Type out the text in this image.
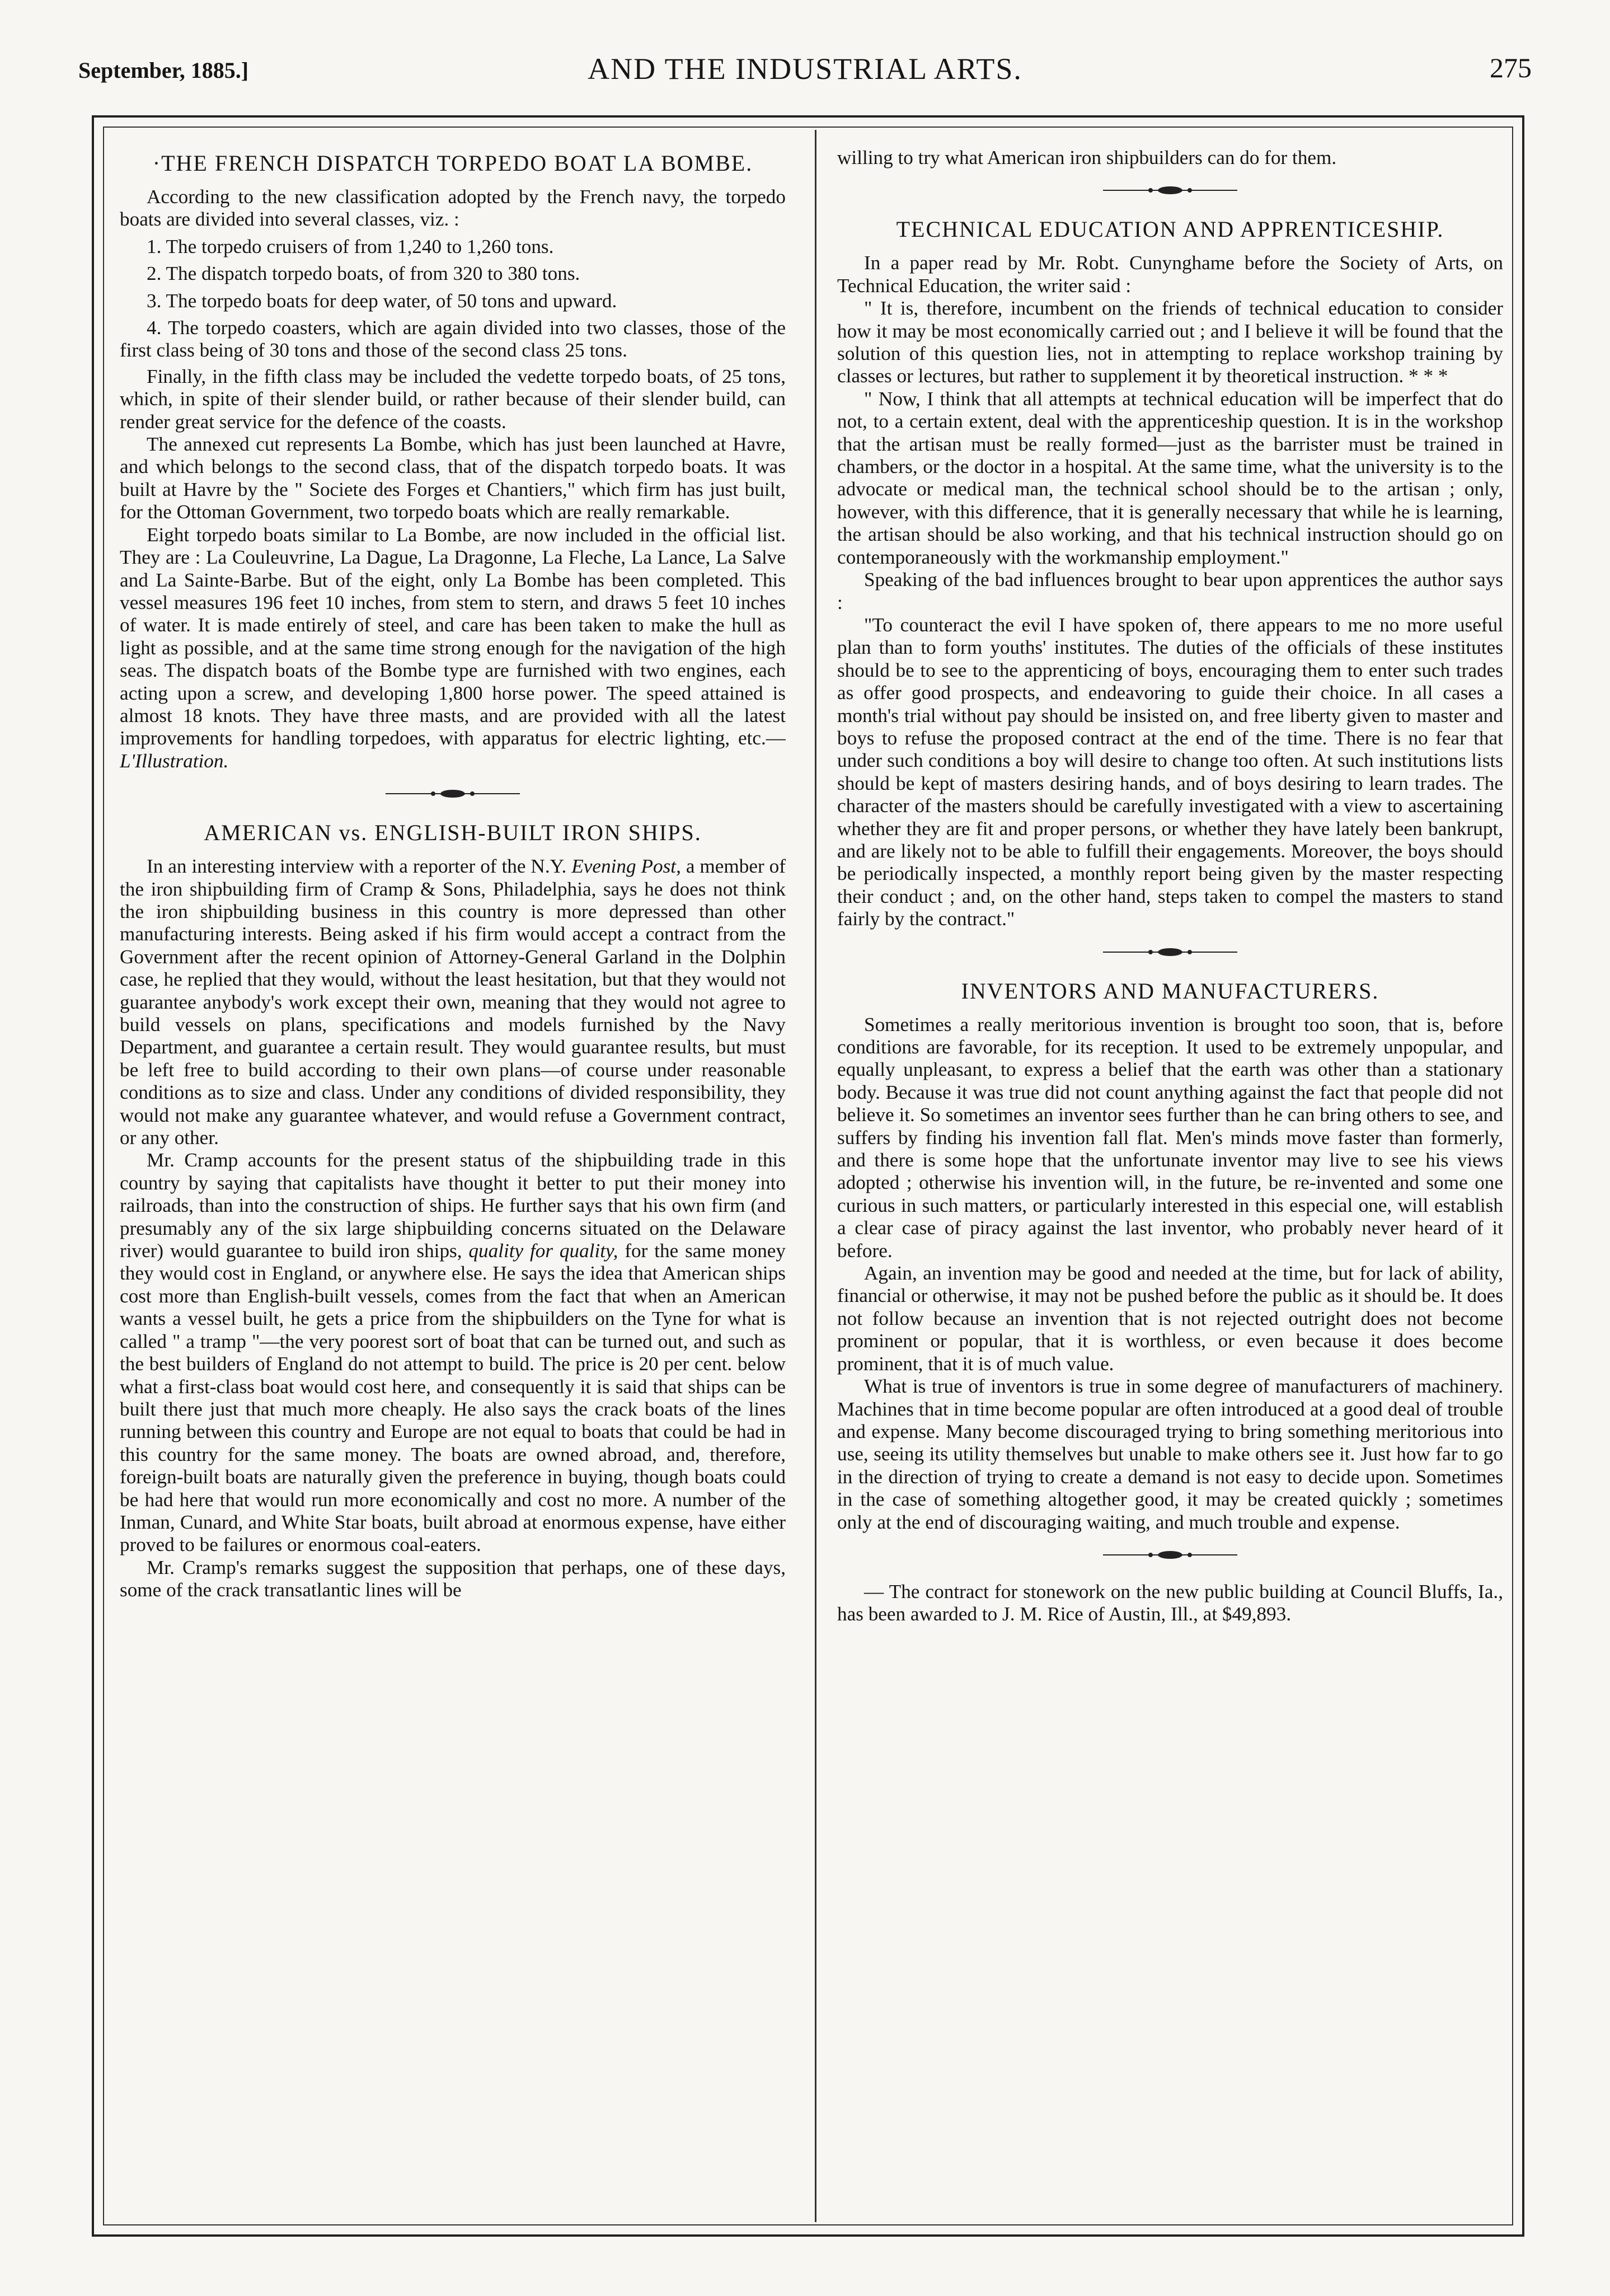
September, 1885.]	AND THE INDUSTRIAL ARTS.	275
·THE FRENCH DISPATCH TORPEDO BOAT LA BOMBE.

According to the new classification adopted by the French navy, the torpedo boats are divided into several classes, viz. :

1. The torpedo cruisers of from 1,240 to 1,260 tons.

2. The dispatch torpedo boats, of from 320 to 380 tons.

3. The torpedo boats for deep water, of 50 tons and upward.

4. The torpedo coasters, which are again divided into two classes, those of the first class being of 30 tons and those of the second class 25 tons.

Finally, in the fifth class may be included the vedette torpedo boats, of 25 tons, which, in spite of their slender build, or rather because of their slender build, can render great service for the defence of the coasts.

The annexed cut represents La Bombe, which has just been launched at Havre, and which belongs to the second class, that of the dispatch torpedo boats. It was built at Havre by the " Societe des Forges et Chantiers," which firm has just built, for the Ottoman Government, two torpedo boats which are really remarkable.

Eight torpedo boats similar to La Bombe, are now included in the official list. They are : La Couleuvrine, La Dague, La Dragonne, La Fleche, La Lance, La Salve and La Sainte-Barbe. But of the eight, only La Bombe has been completed. This vessel measures 196 feet 10 inches, from stem to stern, and draws 5 feet 10 inches of water. It is made entirely of steel, and care has been taken to make the hull as light as possible, and at the same time strong enough for the navigation of the high seas. The dispatch boats of the Bombe type are furnished with two engines, each acting upon a screw, and developing 1,800 horse power. The speed attained is almost 18 knots. They have three masts, and are provided with all the latest improvements for handling torpedoes, with apparatus for electric lighting, etc.—L'Illustration.

AMERICAN vs. ENGLISH-BUILT IRON SHIPS.

In an interesting interview with a reporter of the N.Y. Evening Post, a member of the iron shipbuilding firm of Cramp & Sons, Philadelphia, says he does not think the iron shipbuilding business in this country is more depressed than other manufacturing interests. Being asked if his firm would accept a contract from the Government after the recent opinion of Attorney-General Garland in the Dolphin case, he replied that they would, without the least hesitation, but that they would not guarantee anybody's work except their own, meaning that they would not agree to build vessels on plans, specifications and models furnished by the Navy Department, and guarantee a certain result. They would guarantee results, but must be left free to build according to their own plans—of course under reasonable conditions as to size and class. Under any conditions of divided responsibility, they would not make any guarantee whatever, and would refuse a Government contract, or any other.

Mr. Cramp accounts for the present status of the shipbuilding trade in this country by saying that capitalists have thought it better to put their money into railroads, than into the construction of ships. He further says that his own firm (and presumably any of the six large shipbuilding concerns situated on the Delaware river) would guarantee to build iron ships, quality for quality, for the same money they would cost in England, or anywhere else. He says the idea that American ships cost more than English-built vessels, comes from the fact that when an American wants a vessel built, he gets a price from the shipbuilders on the Tyne for what is called " a tramp "—the very poorest sort of boat that can be turned out, and such as the best builders of England do not attempt to build. The price is 20 per cent. below what a first-class boat would cost here, and consequently it is said that ships can be built there just that much more cheaply. He also says the crack boats of the lines running between this country and Europe are not equal to boats that could be had in this country for the same money. The boats are owned abroad, and, therefore, foreign-built boats are naturally given the preference in buying, though boats could be had here that would run more economically and cost no more. A number of the Inman, Cunard, and White Star boats, built abroad at enormous expense, have either proved to be failures or enormous coal-eaters.

Mr. Cramp's remarks suggest the supposition that perhaps, one of these days, some of the crack transatlantic lines will be

willing to try what American iron shipbuilders can do for them.

TECHNICAL EDUCATION AND APPRENTICESHIP.

In a paper read by Mr. Robt. Cunynghame before the Society of Arts, on Technical Education, the writer said :

" It is, therefore, incumbent on the friends of technical education to consider how it may be most economically carried out ; and I believe it will be found that the solution of this question lies, not in attempting to replace workshop training by classes or lectures, but rather to supplement it by theoretical instruction. * * *

" Now, I think that all attempts at technical education will be imperfect that do not, to a certain extent, deal with the apprenticeship question. It is in the workshop that the artisan must be really formed—just as the barrister must be trained in chambers, or the doctor in a hospital. At the same time, what the university is to the advocate or medical man, the technical school should be to the artisan ; only, however, with this difference, that it is generally necessary that while he is learning, the artisan should be also working, and that his technical instruction should go on contemporaneously with the workmanship employment."

Speaking of the bad influences brought to bear upon apprentices the author says :

"To counteract the evil I have spoken of, there appears to me no more useful plan than to form youths' institutes. The duties of the officials of these institutes should be to see to the apprenticing of boys, encouraging them to enter such trades as offer good prospects, and endeavoring to guide their choice. In all cases a month's trial without pay should be insisted on, and free liberty given to master and boys to refuse the proposed contract at the end of the time. There is no fear that under such conditions a boy will desire to change too often. At such institutions lists should be kept of masters desiring hands, and of boys desiring to learn trades. The character of the masters should be carefully investigated with a view to ascertaining whether they are fit and proper persons, or whether they have lately been bankrupt, and are likely not to be able to fulfill their engagements. Moreover, the boys should be periodically inspected, a monthly report being given by the master respecting their conduct ; and, on the other hand, steps taken to compel the masters to stand fairly by the contract."

INVENTORS AND MANUFACTURERS.

Sometimes a really meritorious invention is brought too soon, that is, before conditions are favorable, for its reception. It used to be extremely unpopular, and equally unpleasant, to express a belief that the earth was other than a stationary body. Because it was true did not count anything against the fact that people did not believe it. So sometimes an inventor sees further than he can bring others to see, and suffers by finding his invention fall flat. Men's minds move faster than formerly, and there is some hope that the unfortunate inventor may live to see his views adopted ; otherwise his invention will, in the future, be re-invented and some one curious in such matters, or particularly interested in this especial one, will establish a clear case of piracy against the last inventor, who probably never heard of it before.

Again, an invention may be good and needed at the time, but for lack of ability, financial or otherwise, it may not be pushed before the public as it should be. It does not follow because an invention that is not rejected outright does not become prominent or popular, that it is worthless, or even because it does become prominent, that it is of much value.

What is true of inventors is true in some degree of manufacturers of machinery. Machines that in time become popular are often introduced at a good deal of trouble and expense. Many become discouraged trying to bring something meritorious into use, seeing its utility themselves but unable to make others see it. Just how far to go in the direction of trying to create a demand is not easy to decide upon. Sometimes in the case of something altogether good, it may be created quickly ; sometimes only at the end of discouraging waiting, and much trouble and expense.

— The contract for stonework on the new public building at Council Bluffs, Ia., has been awarded to J. M. Rice of Austin, Ill., at $49,893.
